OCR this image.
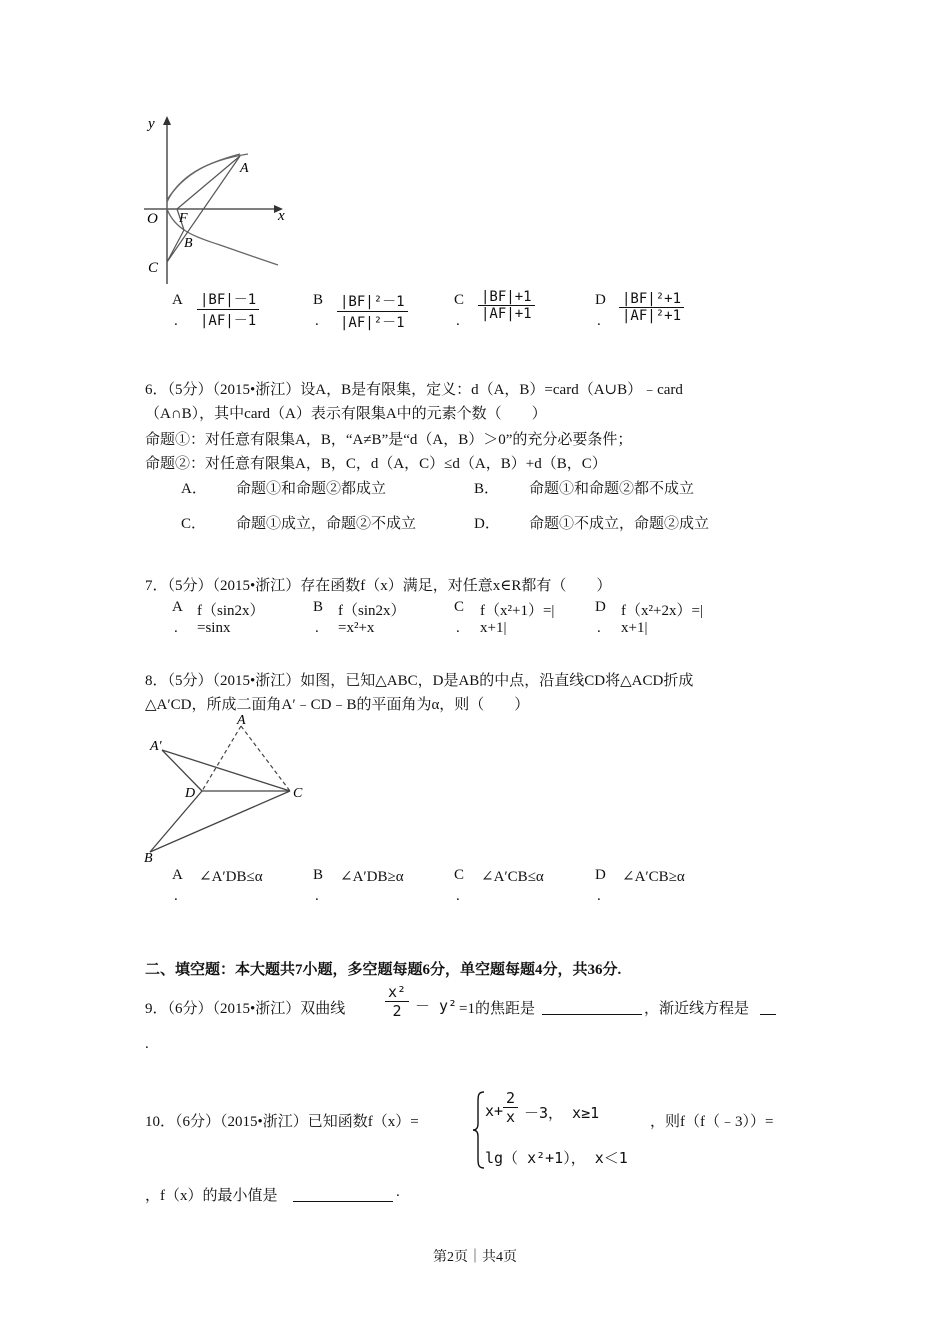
y
x
O F
A
B
C
A
. $\frac{|BF|-1}{|AF|-1}$	B
. $\frac{\text{|BF|²－1}}{\text{|AF|²－1}}$	C
. $\frac{|BF|+1}{|AF|+1}$	D
. $\frac{\text{|BF|²+1}}{\text{|AF|²+1}}$
6．（5分）（2015•浙江）设A，B是有限集，定义：d（A，B）=card（A∪B）﹣card
（A∩B），其中card（A）表示有限集A中的元素个数（　　）
命题①：对任意有限集A，B，“A≠B”是“d（A，B）＞0”的充分必要条件；
命题②：对任意有限集A，B，C，d（A，C）≤d（A，B）+d（B，C）
A． 命题①和命题②都成立	B． 命题①和命题②都不成立
C． 命题①成立，命题②不成立	D． 命题①不成立，命题②成立
7．（5分）（2015•浙江）存在函数f（x）满足，对任意x∈R都有（　　）
A
.
f（sin2x）
=sinx
B
.
f（sin2x）
=x²+x
C
.
f（x²+1）=|
x+1|
D
.
f（x²+2x）=|
x+1|
8．（5分）（2015•浙江）如图，已知△ABC，D是AB的中点，沿直线CD将△ACD折成
△A′CD，所成二面角A′﹣CD﹣B的平面角为α，则（　　）
A
A′
D	C
B
A
.
∠A′DB≤α	B
.
∠A′DB≥α	C
.
∠A′CB≤α	D
.
∠A′CB≥α
二、填空题：本大题共7小题，多空题每题6分，单空题每题4分，共36分.
9．（6分）（2015•浙江）双曲线	$\frac{\text{x²}}{2} - y^2 =1$的焦距是	，渐近线方程是
.
10．（6分）（2015•浙江）已知函数f（x）=
$x+ \frac{2}{x} -3$， x≥1
lg（ x²+1）， x＜1
，则f（f（﹣3））=
，f（x）的最小值是	.
第2页｜共4页
